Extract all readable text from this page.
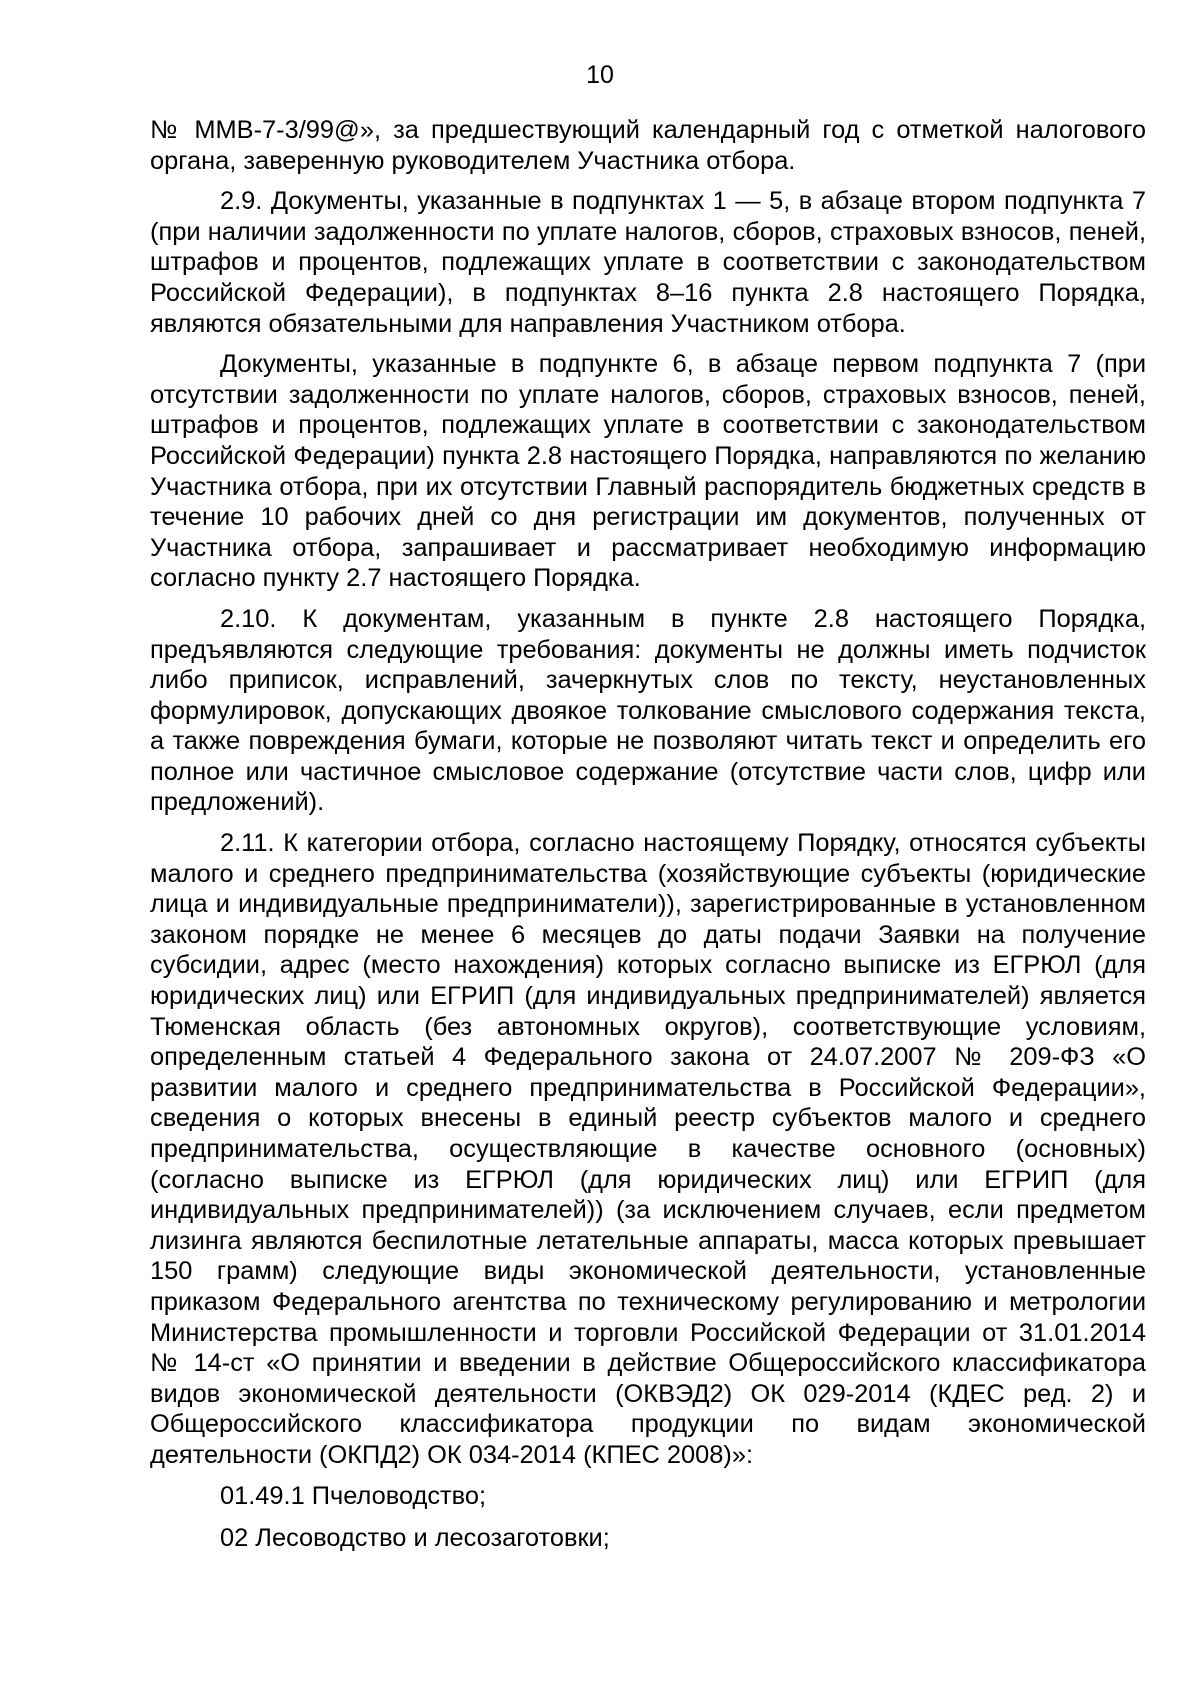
10

№ ММВ-7-3/99@», за предшествующий календарный год с отметкой налогового органа, заверенную руководителем Участника отбора.

2.9. Документы, указанные в подпунктах 1 — 5, в абзаце втором подпункта 7 (при наличии задолженности по уплате налогов, сборов, страховых взносов, пеней, штрафов и процентов, подлежащих уплате в соответствии с законодательством Российской Федерации), в подпунктах 8–16 пункта 2.8 настоящего Порядка, являются обязательными для направления Участником отбора.

Документы, указанные в подпункте 6, в абзаце первом подпункта 7 (при отсутствии задолженности по уплате налогов, сборов, страховых взносов, пеней, штрафов и процентов, подлежащих уплате в соответствии с законодательством Российской Федерации) пункта 2.8 настоящего Порядка, направляются по желанию Участника отбора, при их отсутствии Главный распорядитель бюджетных средств в течение 10 рабочих дней со дня регистрации им документов, полученных от Участника отбора, запрашивает и рассматривает необходимую информацию согласно пункту 2.7 настоящего Порядка.

2.10. К документам, указанным в пункте 2.8 настоящего Порядка, предъявляются следующие требования: документы не должны иметь подчисток либо приписок, исправлений, зачеркнутых слов по тексту, неустановленных формулировок, допускающих двоякое толкование смыслового содержания текста, а также повреждения бумаги, которые не позволяют читать текст и определить его полное или частичное смысловое содержание (отсутствие части слов, цифр или предложений).

2.11. К категории отбора, согласно настоящему Порядку, относятся субъекты малого и среднего предпринимательства (хозяйствующие субъекты (юридические лица и индивидуальные предприниматели)), зарегистрированные в установленном законом порядке не менее 6 месяцев до даты подачи Заявки на получение субсидии, адрес (место нахождения) которых согласно выписке из ЕГРЮЛ (для юридических лиц) или ЕГРИП (для индивидуальных предпринимателей) является Тюменская область (без автономных округов), соответствующие условиям, определенным статьей 4 Федерального закона от 24.07.2007 № 209-ФЗ «О развитии малого и среднего предпринимательства в Российской Федерации», сведения о которых внесены в единый реестр субъектов малого и среднего предпринимательства, осуществляющие в качестве основного (основных) (согласно выписке из ЕГРЮЛ (для юридических лиц) или ЕГРИП (для индивидуальных предпринимателей)) (за исключением случаев, если предметом лизинга являются беспилотные летательные аппараты, масса которых превышает 150 грамм) следующие виды экономической деятельности, установленные приказом Федерального агентства по техническому регулированию и метрологии Министерства промышленности и торговли Российской Федерации от 31.01.2014 № 14-ст «О принятии и введении в действие Общероссийского классификатора видов экономической деятельности (ОКВЭД2) ОК 029-2014 (КДЕС ред. 2) и Общероссийского классификатора продукции по видам экономической деятельности (ОКПД2) ОК 034-2014 (КПЕС 2008)»:

01.49.1 Пчеловодство;

02 Лесоводство и лесозаготовки;
